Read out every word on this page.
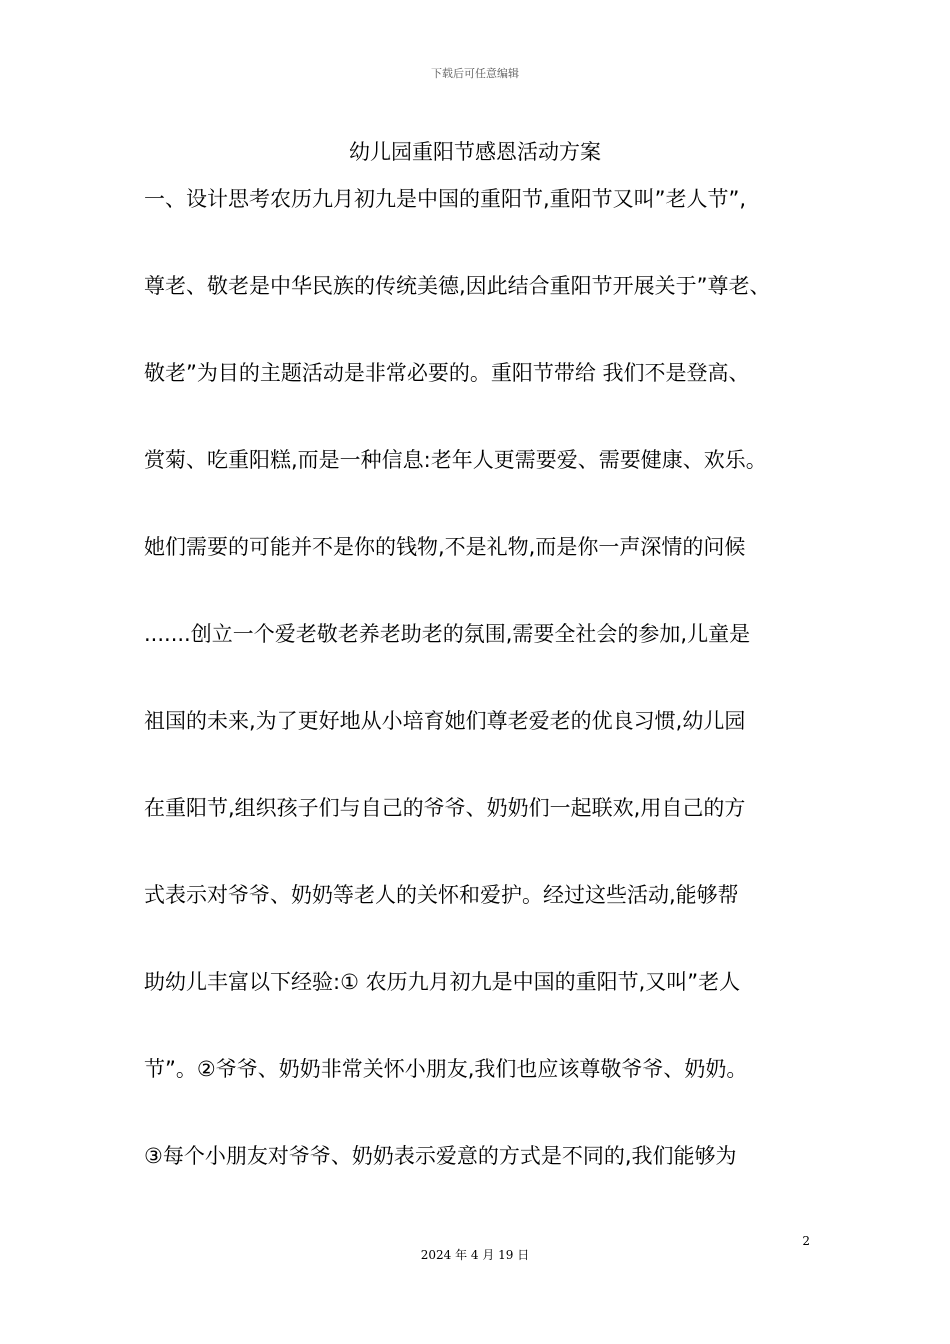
下载后可任意编辑

幼儿园重阳节感恩活动方案

一、设计思考农历九月初九是中国的重阳节,重阳节又叫”老人节”,

尊老、敬老是中华民族的传统美德,因此结合重阳节开展关于”尊老、

敬老”为目的主题活动是非常必要的。重阳节带给 我们不是登高、

赏菊、吃重阳糕,而是一种信息:老年人更需要爱、需要健康、欢乐。

她们需要的可能并不是你的钱物,不是礼物,而是你一声深情的问候

.......创立一个爱老敬老养老助老的氛围,需要全社会的参加,儿童是

祖国的未来,为了更好地从小培育她们尊老爱老的优良习惯,幼儿园

在重阳节,组织孩子们与自己的爷爷、奶奶们一起联欢,用自己的方

式表示对爷爷、奶奶等老人的关怀和爱护。经过这些活动,能够帮

助幼儿丰富以下经验:① 农历九月初九是中国的重阳节,又叫”老人

节”。②爷爷、奶奶非常关怀小朋友,我们也应该尊敬爷爷、奶奶。

③每个小朋友对爷爷、奶奶表示爱意的方式是不同的,我们能够为

2

2024 年 4 月 19 日
